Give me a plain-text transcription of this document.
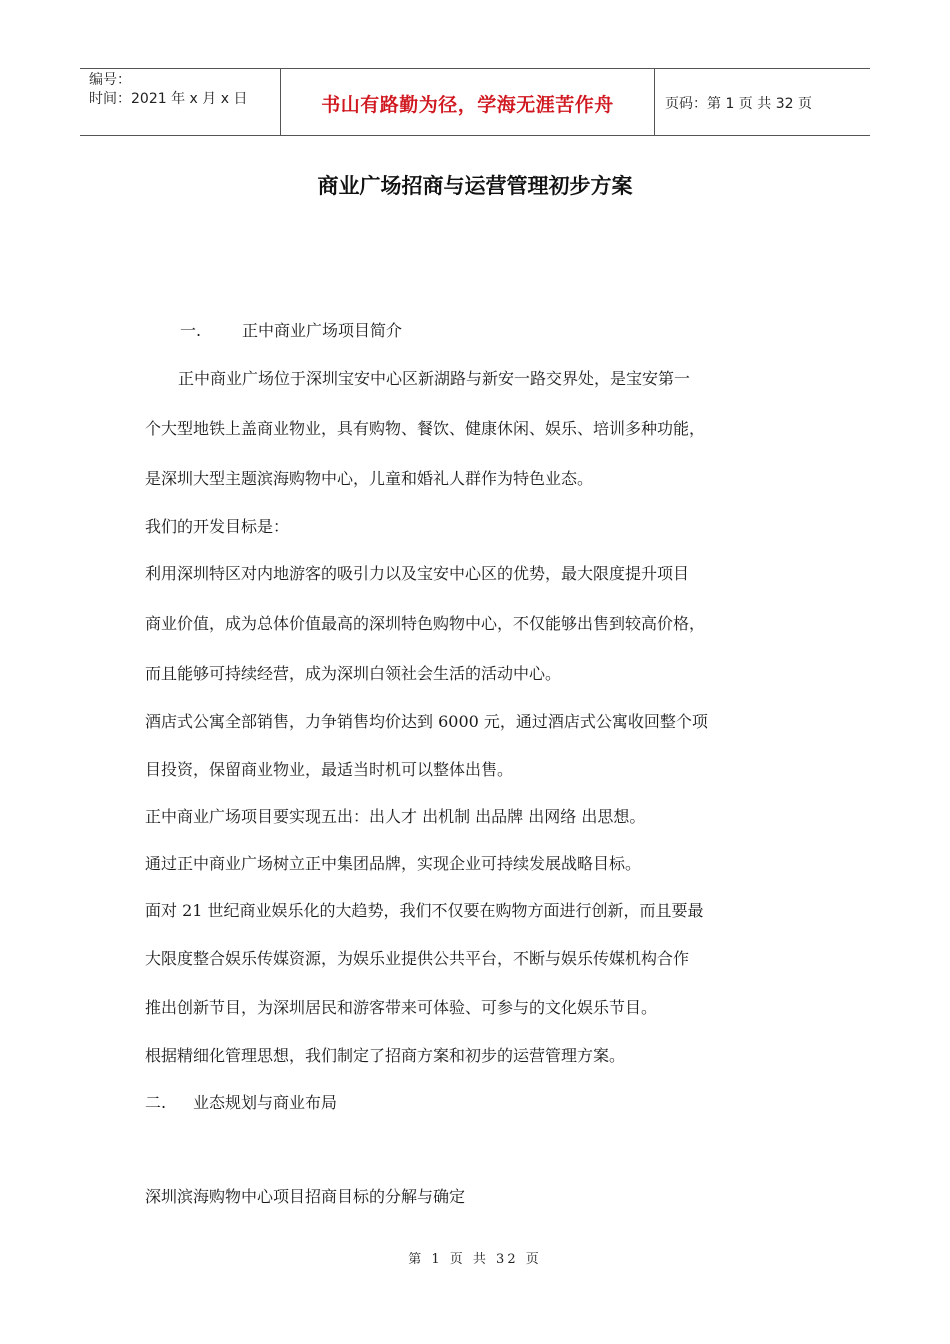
编号：
时间：2021 年 x 月 x 日	书山有路勤为径，学海无涯苦作舟	页码：第 1 页 共 32 页
商业广场招商与运营管理初步方案
一.	正中商业广场项目简介
正中商业广场位于深圳宝安中心区新湖路与新安一路交界处，是宝安第一
个大型地铁上盖商业物业，具有购物、餐饮、健康休闲、娱乐、培训多种功能，
是深圳大型主题滨海购物中心，儿童和婚礼人群作为特色业态。
我们的开发目标是：
利用深圳特区对内地游客的吸引力以及宝安中心区的优势，最大限度提升项目
商业价值，成为总体价值最高的深圳特色购物中心，不仅能够出售到较高价格，
而且能够可持续经营，成为深圳白领社会生活的活动中心。
酒店式公寓全部销售，力争销售均价达到 6000 元，通过酒店式公寓收回整个项
目投资，保留商业物业，最适当时机可以整体出售。
正中商业广场项目要实现五出：出人才 出机制 出品牌 出网络 出思想。
通过正中商业广场树立正中集团品牌，实现企业可持续发展战略目标。
面对 21 世纪商业娱乐化的大趋势，我们不仅要在购物方面进行创新，而且要最
大限度整合娱乐传媒资源，为娱乐业提供公共平台，不断与娱乐传媒机构合作
推出创新节目，为深圳居民和游客带来可体验、可参与的文化娱乐节目。
根据精细化管理思想，我们制定了招商方案和初步的运营管理方案。
二. 业态规划与商业布局
深圳滨海购物中心项目招商目标的分解与确定
第 1 页 共 32 页
